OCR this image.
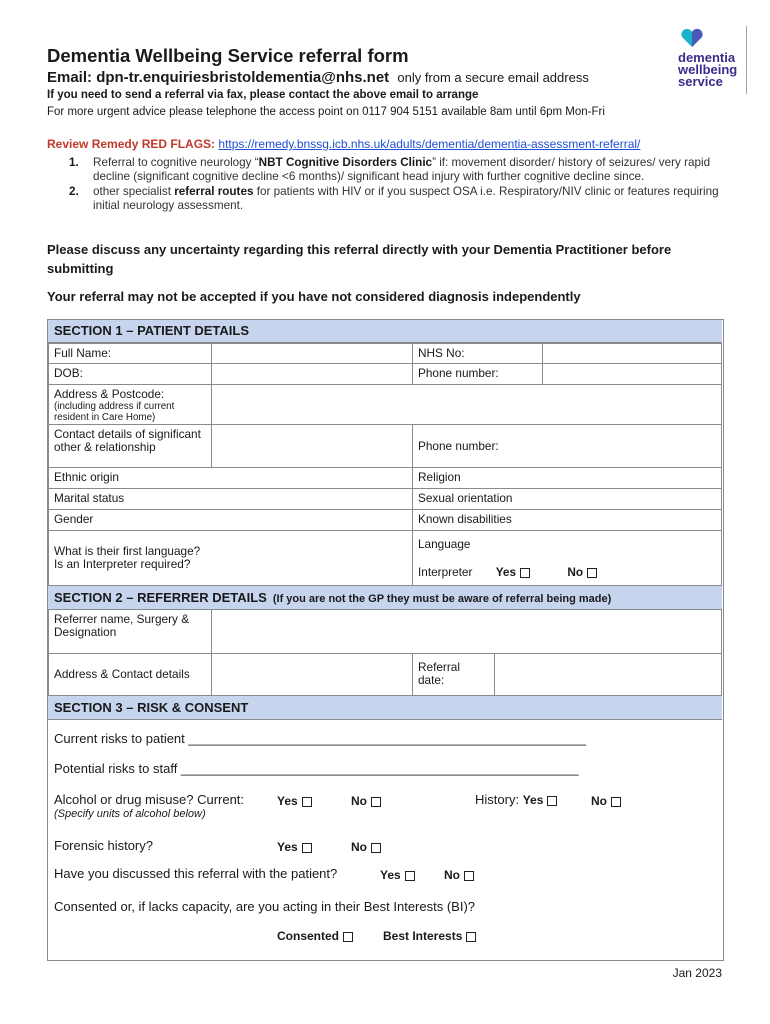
Dementia Wellbeing Service referral form
Email: dpn-tr.enquiriesbristoldementia@nhs.net only from a secure email address
If you need to send a referral via fax, please contact the above email to arrange
For more urgent advice please telephone the access point on 0117 904 5151 available 8am until 6pm Mon-Fri
dementia
wellbeing
service
Review Remedy RED FLAGS: https://remedy.bnssg.icb.nhs.uk/adults/dementia/dementia-assessment-referral/
1. Referral to cognitive neurology “NBT Cognitive Disorders Clinic” if: movement disorder/ history of seizures/ very rapid decline (significant cognitive decline <6 months)/ significant head injury with further cognitive decline since.
2. other specialist referral routes for patients with HIV or if you suspect OSA i.e. Respiratory/NIV clinic or features requiring initial neurology assessment.
Please discuss any uncertainty regarding this referral directly with your Dementia Practitioner before submitting
Your referral may not be accepted if you have not considered diagnosis independently
SECTION 1 – PATIENT DETAILS
Full Name:	NHS No:
DOB:	Phone number:
Address & Postcode:
(including address if current resident in Care Home)
Contact details of significant other & relationship	Phone number:
Ethnic origin	Religion
Marital status	Sexual orientation
Gender	Known disabilities
What is their first language?
Is an Interpreter required?
Language
Interpreter Yes	No
SECTION 2 – REFERRER DETAILS (If you are not the GP they must be aware of referral being made)
Referrer name, Surgery & Designation
Address & Contact details	Referral date:
SECTION 3 – RISK & CONSENT
Current risks to patient _______________________________________________________
Potential risks to staff _______________________________________________________
Alcohol or drug misuse? Current:	Yes	No	History: Yes	No
(Specify units of alcohol below)
Forensic history?	Yes	No
Have you discussed this referral with the patient?	Yes	No
Consented or, if lacks capacity, are you acting in their Best Interests (BI)?
Consented	Best Interests
Jan 2023
